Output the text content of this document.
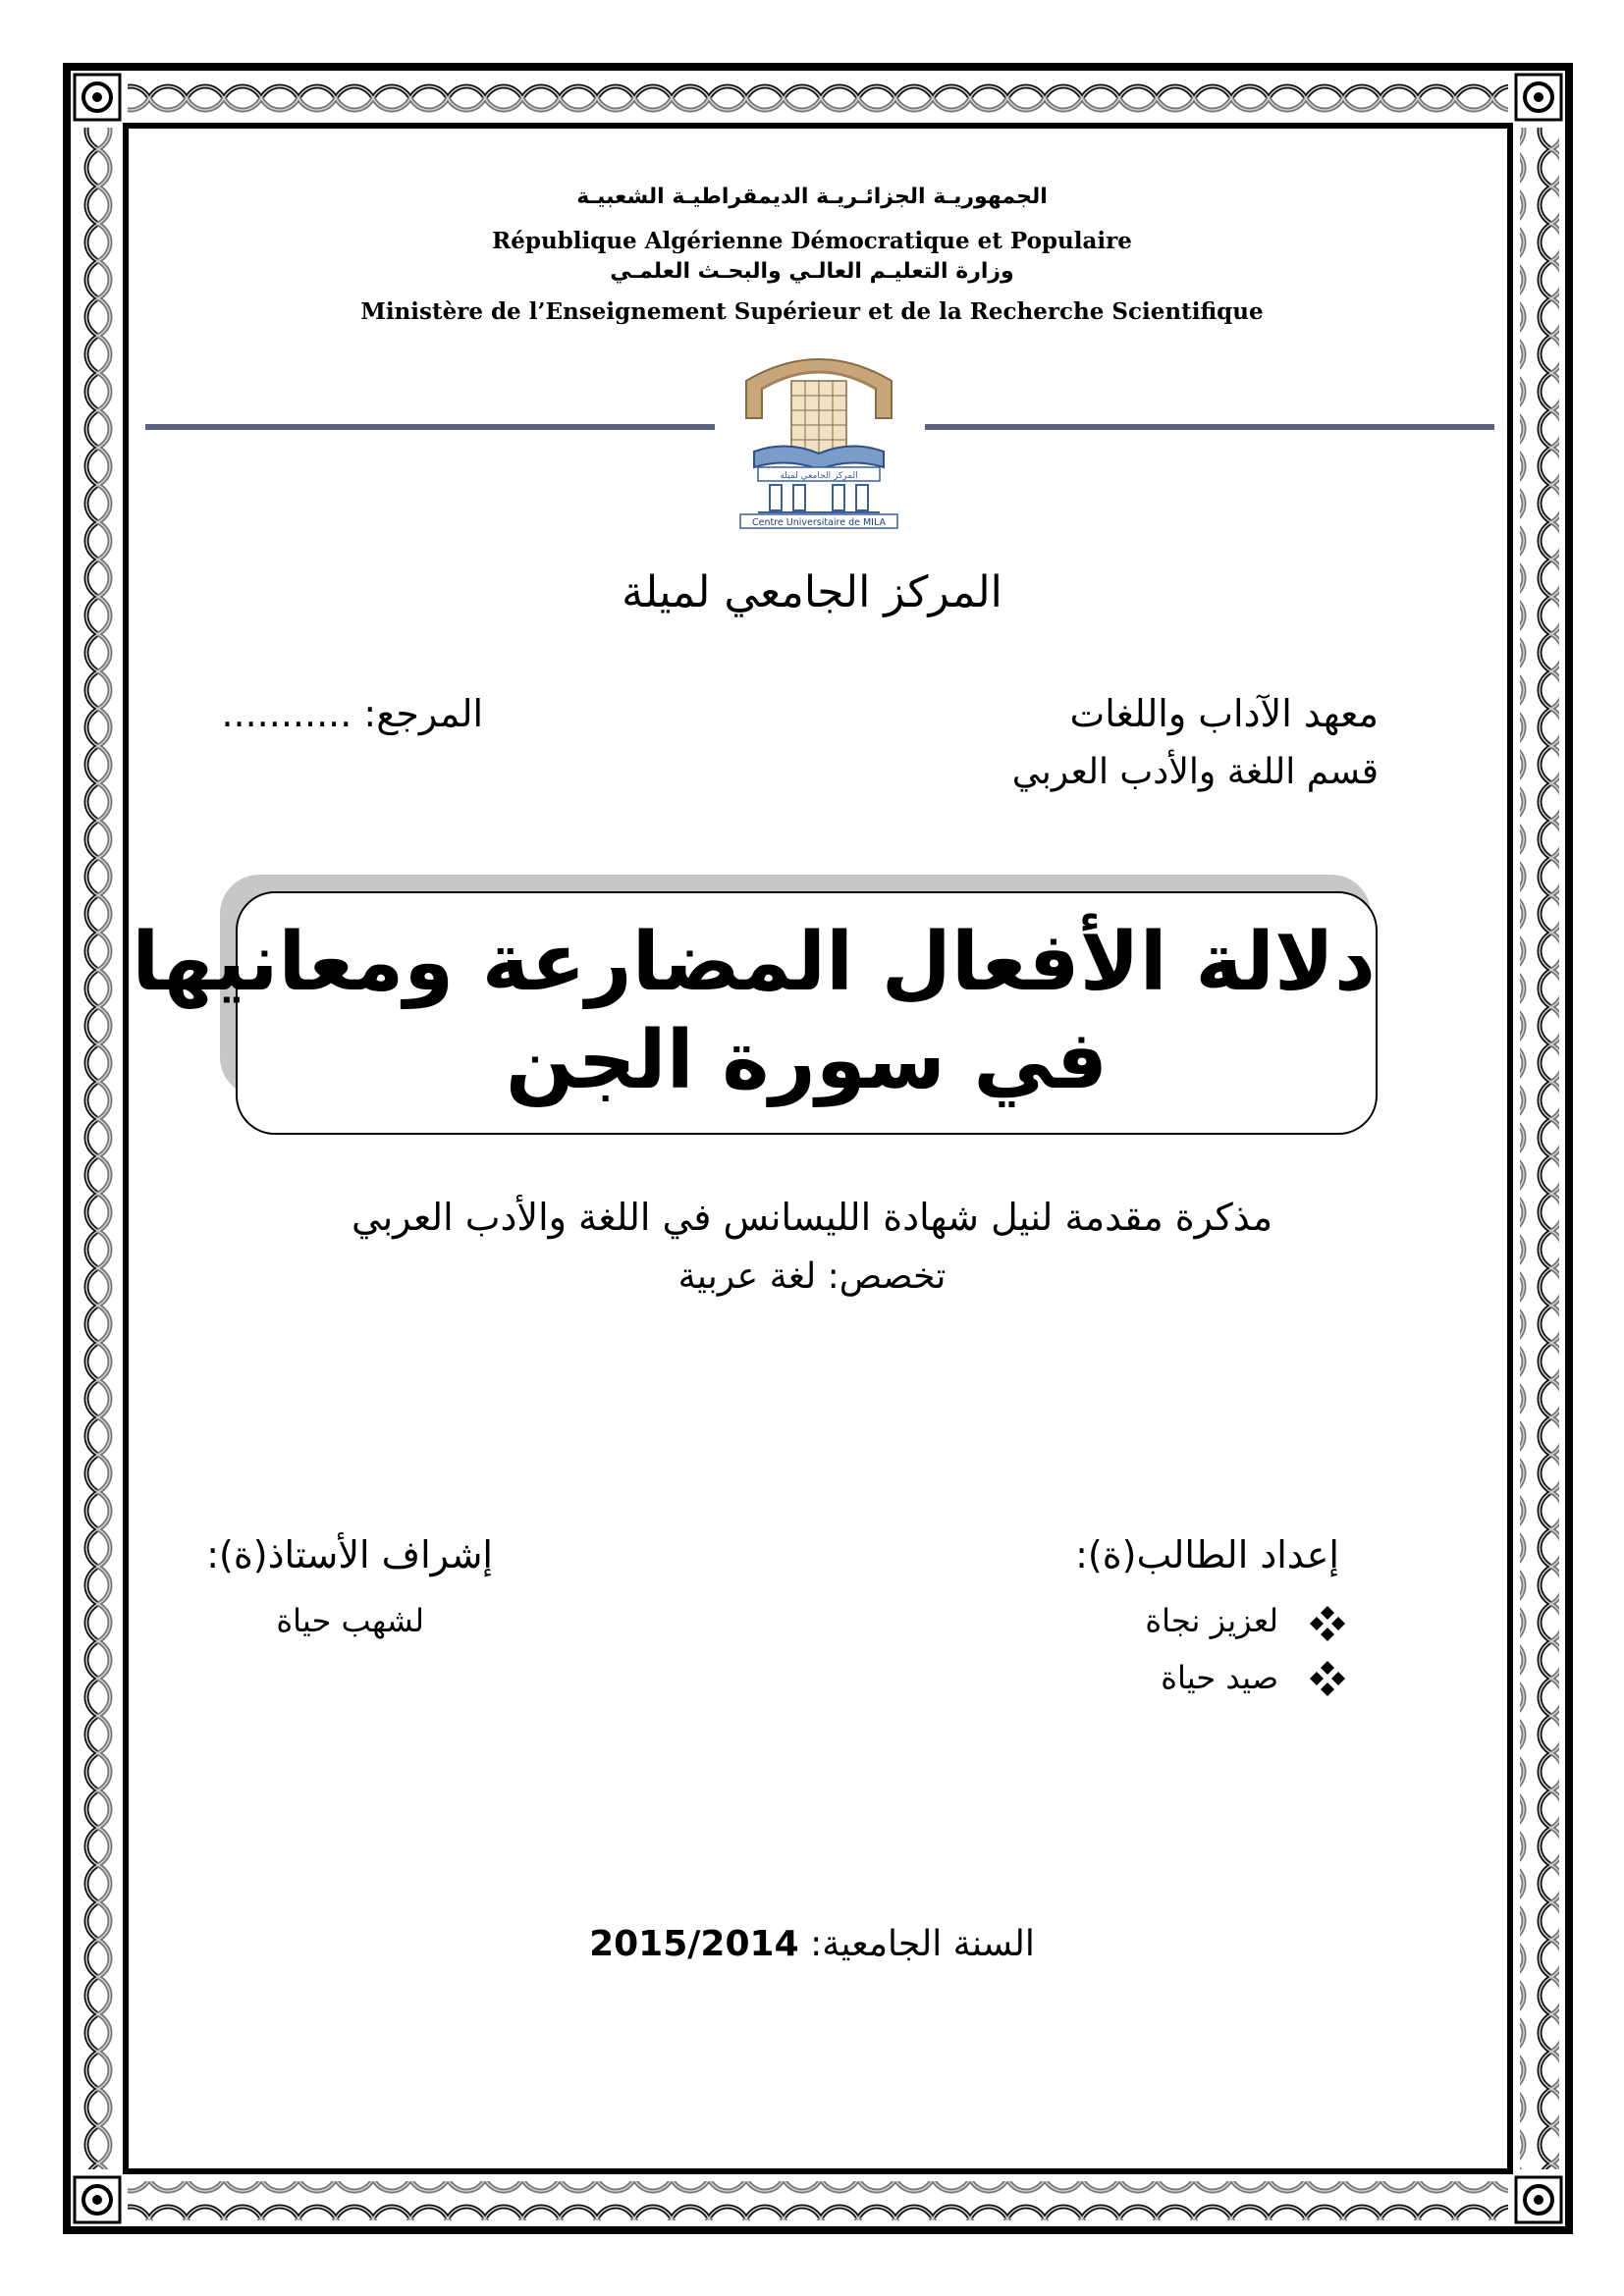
الجمهوريـة الجزائـريـة الديمقراطيـة الشعبيـة
République Algérienne Démocratique et Populaire
وزارة التعليـم العالـي والبحـث العلمـي
Ministère de l’Enseignement Supérieur et de la Recherche Scientifique
المركز الجامعي لميلة
Centre Universitaire de MILA
المركز الجامعي لميلة
معهد الآداب واللغات
قسم اللغة والأدب العربي
المرجع: ...........
دلالة الأفعال المضارعة ومعانيها
في سورة الجن
مذكرة مقدمة لنيل شهادة الليسانس في اللغة والأدب العربي
تخصص: لغة عربية
إعداد الطالب(ة):
لعزيز نجاة
صيد حياة
إشراف الأستاذ(ة):
لشهب حياة
السنة الجامعية: 2015/2014
